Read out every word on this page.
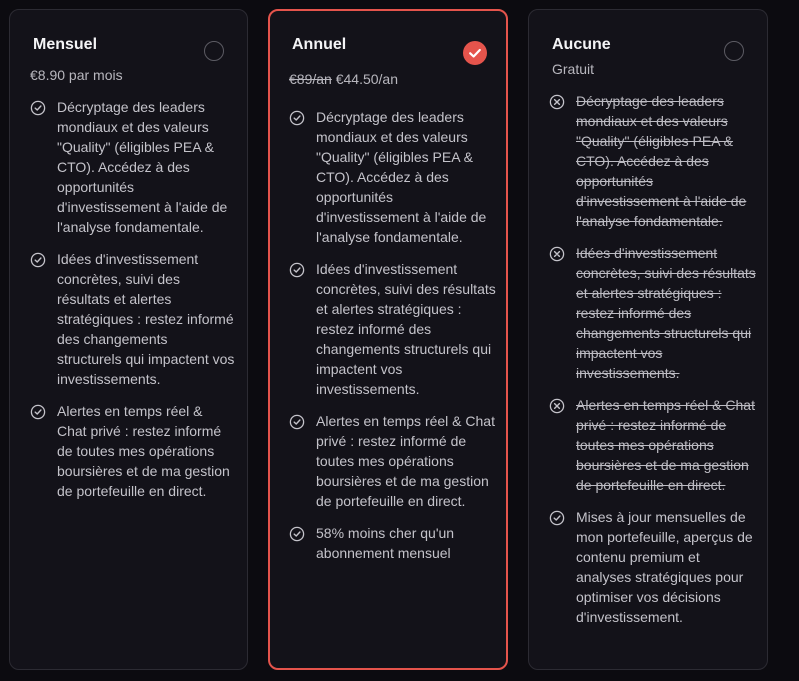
Mensuel
€8.90 par mois
Décryptage des leaders mondiaux et des valeurs "Quality" (éligibles PEA & CTO). Accédez à des opportunités d'investissement à l'aide de l'analyse fondamentale.
Idées d'investissement concrètes, suivi des résultats et alertes stratégiques : restez informé des changements structurels qui impactent vos investissements.
Alertes en temps réel & Chat privé : restez informé de toutes mes opérations boursières et de ma gestion de portefeuille en direct.
Annuel
€89/an €44.50/an
Décryptage des leaders mondiaux et des valeurs "Quality" (éligibles PEA & CTO). Accédez à des opportunités d'investissement à l'aide de l'analyse fondamentale.
Idées d'investissement concrètes, suivi des résultats et alertes stratégiques : restez informé des changements structurels qui impactent vos investissements.
Alertes en temps réel & Chat privé : restez informé de toutes mes opérations boursières et de ma gestion de portefeuille en direct.
58% moins cher qu'un abonnement mensuel
Aucune
Gratuit
Décryptage des leaders mondiaux et des valeurs "Quality" (éligibles PEA & CTO). Accédez à des opportunités d'investissement à l'aide de l'analyse fondamentale.
Idées d'investissement concrètes, suivi des résultats et alertes stratégiques : restez informé des changements structurels qui impactent vos investissements.
Alertes en temps réel & Chat privé : restez informé de toutes mes opérations boursières et de ma gestion de portefeuille en direct.
Mises à jour mensuelles de mon portefeuille, aperçus de contenu premium et analyses stratégiques pour optimiser vos décisions d'investissement.
